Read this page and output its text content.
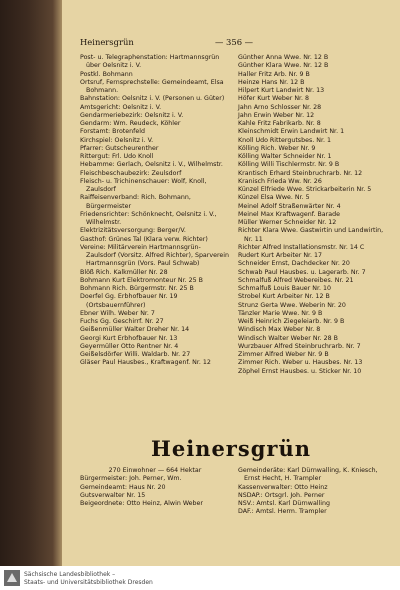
Heinersgrün	— 356 —
Post- u. Telegraphenstation: Hartmannsgrün über Oelsnitz i. V.
Postkl. Bohmann
Ortsruf, Fernsprechstelle: Gemeindeamt, Elsa Bohmann.
Bahnstation: Oelsnitz i. V. (Personen u. Güter)
Amtsgericht: Oelsnitz i. V.
Gendarmeriebezirk: Oelsnitz i. V.
Gendarm: Wm. Reudeck, Köhler
Forstamt: Brotenfeld
Kirchspiel: Oelsnitz i. V.
Pfarrer: Gutscheurenther
Rittergut: Frl. Udo Knoll
Hebamme: Gerlach, Oelsnitz i. V., Wilhelmstr.
Fleischbeschaubezirk: Zeulsdorf
Fleisch- u. Trichinenschauer: Wolf, Knoll, Zaulsdorf
Raiffeisenverband: Rich. Bohmann, Bürgermeister
Friedensrichter: Schönknecht, Oelsnitz i. V., Wilhelmstr.
Elektrizitätsversorgung: Berger/V.
Gasthof: Grünes Tal (Klara verw. Richter)
Vereine: Militärverein Hartmannsgrün-Zaulsdorf (Vorsitz. Alfred Richter), Sparverein Hartmannsgrün (Vors. Paul Schwab)
Blöß Rich. Kalkmüller Nr. 28
Bohmann Kurt Elektromonteur Nr. 25 B
Bohmann Rich. Bürgermstr. Nr. 25 B
Doerfel Gg. Erbhofbauer Nr. 19 (Ortsbauernführer)
Ebner Wilh. Weber Nr. 7
Fuchs Gg. Geschirrf. Nr. 27
Geißenmüller Walter Dreher Nr. 14
Georgi Kurt Erbhofbauer Nr. 13
Geyermüller Otto Rentner Nr. 4
Geißelsdörfer Willi. Waldarb. Nr. 27
Gläser Paul Hausbes., Kraftwagenf. Nr. 12
Günther Anna Wwe. Nr. 12 B
Günther Klara Wwe. Nr. 12 B
Haller Fritz Arb. Nr. 9 B
Heinze Hans Nr. 12 B
Hilpert Kurt Landwirt Nr. 13
Höfer Kurt Weber Nr. 8
Jahn Arno Schlosser Nr. 28
Jahn Erwin Weber Nr. 12
Kahle Fritz Fabrikarb. Nr. 8
Kleinschmidt Erwin Landwirt Nr. 1
Knoll Udo Rittergutsbes. Nr. 1
Kölling Rich. Weber Nr. 9
Kölling Walter Schneider Nr. 1
Kölling Willi Tischlermstr. Nr. 9 B
Krantisch Erhard Steinbruchrarb. Nr. 12
Kranisch Frieda Ww. Nr. 26
Künzel Elfriede Wwe. Strickarbeiterin Nr. 5
Künzel Elsa Wwe. Nr. 5
Meinel Adolf Straßenwärter Nr. 4
Meinel Max Kraftwagenf. Barade
Müller Werner Schneider Nr. 12
Richter Klara Wwe. Gastwirtin und Landwirtin, Nr. 11
Richter Alfred Installationsmstr. Nr. 14 C
Rudert Kurt Arbeiter Nr. 17
Schneider Ernst, Dachdecker Nr. 20
Schwab Paul Hausbes. u. Lagerarb. Nr. 7
Schmalfuß Alfred Webereibes. Nr. 21
Schmalfuß Louis Bauer Nr. 10
Strobel Kurt Arbeiter Nr. 12 B
Strunz Gerta Wwe. Weberin Nr. 20
Tänzler Marie Wwe. Nr. 9 B
Weiß Heinrich Ziegeleiarb. Nr. 9 B
Windisch Max Weber Nr. 8
Windisch Walter Weber Nr. 28 B
Wurzbauer Alfred Steinbruchrarb. Nr. 7
Zimmer Alfred Weber Nr. 9 B
Zimmer Rich. Weber u. Hausbes. Nr. 13
Zöphel Ernst Hausbes. u. Sticker Nr. 10
Heinersgrün
270 Einwohner — 664 Hektar
Bürgermeister: Joh. Perner, Wm.
Gemeindeamt: Haus Nr. 20
Gutsverwalter Nr. 15
Beigeordnete: Otto Heinz, Alwin Weber
Gemeinderäte: Karl Dürnwalling, K. Kniesch, Ernst Hecht, H. Trampler
Kassenverwalter: Otto Heinz
NSDAP.: Ortsgrl. Joh. Perner
NSV.: Amtsl. Karl Dürnwalling
DAF.: Amtsl. Herm. Trampler
Sächsische Landesbibliothek –
Staats- und Universitätsbibliothek Dresden
